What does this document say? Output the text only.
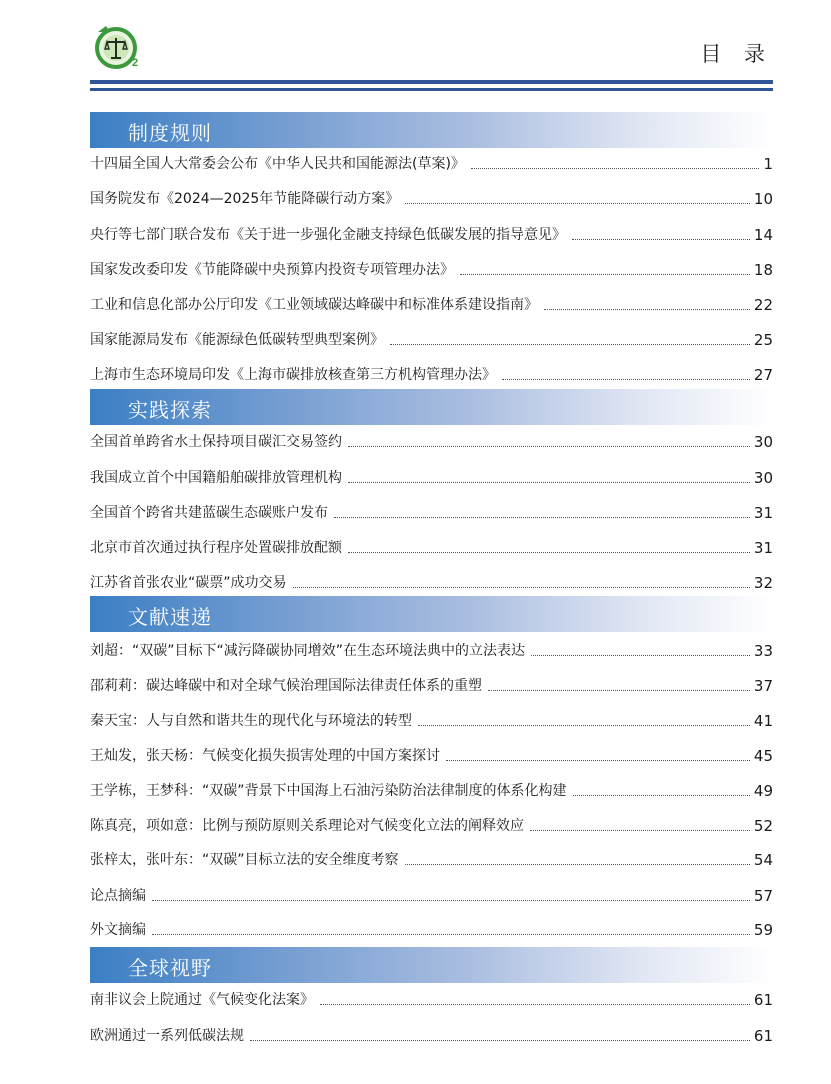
2	目 录
制度规则
十四届全国人大常委会公布《中华人民共和国能源法(草案)》	1
国务院发布《2024—2025年节能降碳行动方案》	10
央行等七部门联合发布《关于进一步强化金融支持绿色低碳发展的指导意见》	14
国家发改委印发《节能降碳中央预算内投资专项管理办法》	18
工业和信息化部办公厅印发《工业领域碳达峰碳中和标准体系建设指南》	22
国家能源局发布《能源绿色低碳转型典型案例》	25
上海市生态环境局印发《上海市碳排放核查第三方机构管理办法》	27
实践探索
全国首单跨省水土保持项目碳汇交易签约	30
我国成立首个中国籍船舶碳排放管理机构	30
全国首个跨省共建蓝碳生态碳账户发布	31
北京市首次通过执行程序处置碳排放配额	31
江苏省首张农业“碳票”成功交易	32
文献速递
刘超：“双碳”目标下“减污降碳协同增效”在生态环境法典中的立法表达	33
邵莉莉：碳达峰碳中和对全球气候治理国际法律责任体系的重塑	37
秦天宝：人与自然和谐共生的现代化与环境法的转型	41
王灿发，张天杨：气候变化损失损害处理的中国方案探讨	45
王学栋，王梦科：“双碳”背景下中国海上石油污染防治法律制度的体系化构建	49
陈真亮，项如意：比例与预防原则关系理论对气候变化立法的阐释效应	52
张梓太，张叶东：“双碳”目标立法的安全维度考察	54
论点摘编	57
外文摘编	59
全球视野
南非议会上院通过《气候变化法案》	61
欧洲通过一系列低碳法规	61
